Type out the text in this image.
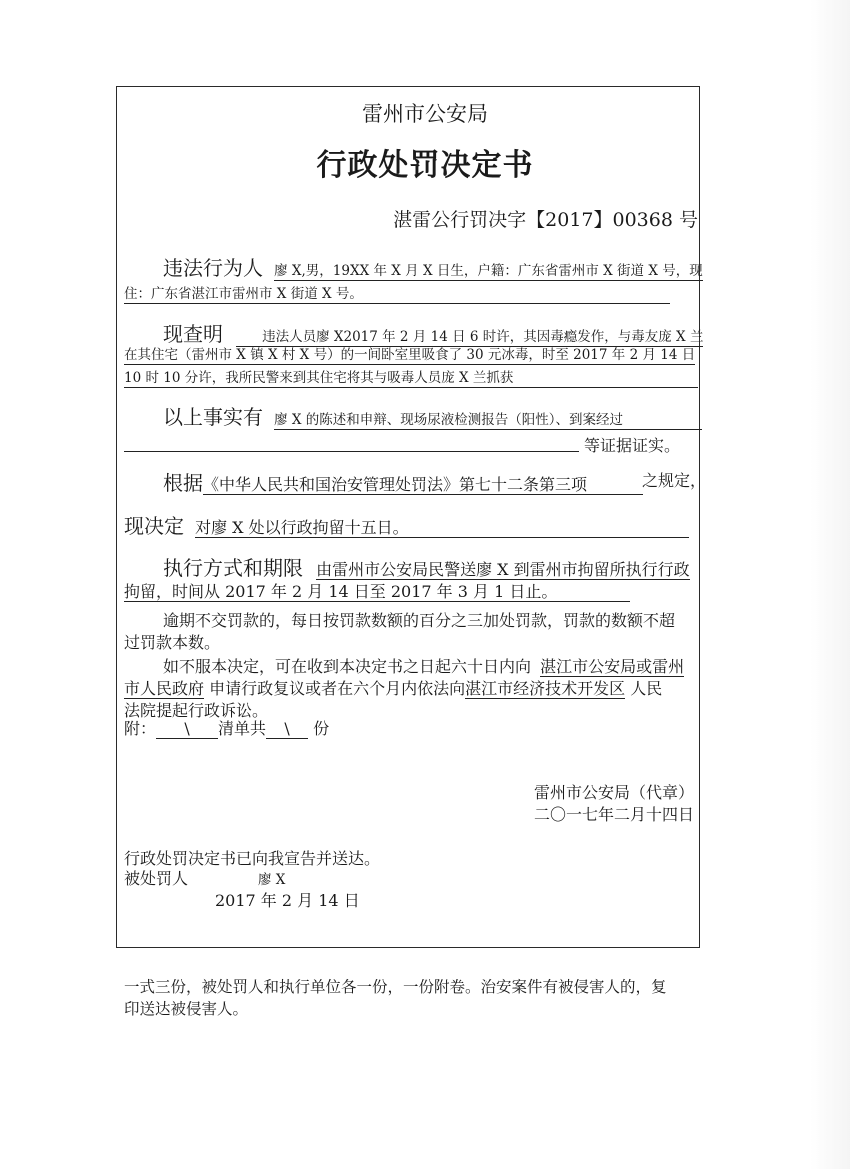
雷州市公安局
行政处罚决定书
湛雷公行罚决字【2017】00368 号
违法行为人 廖 X,男，19XX 年 X 月 X 日生，户籍：广东省雷州市 X 街道 X 号，现
住：广东省湛江市雷州市 X 街道 X 号。
现查明	违法人员廖 X2017 年 2 月 14 日 6 时许，其因毒瘾发作，与毒友庞 X 兰
在其住宅（雷州市 X 镇 X 村 X 号）的一间卧室里吸食了 30 元冰毒，时至 2017 年 2 月 14 日
10 时 10 分许，我所民警来到其住宅将其与吸毒人员庞 X 兰抓获
以上事实有 廖 X 的陈述和申辩、现场尿液检测报告（阳性）、到案经过
等证据证实。
根据《中华人民共和国治安管理处罚法》第七十二条第三项	之规定，
现决定 对廖 X 处以行政拘留十五日。
执行方式和期限 由雷州市公安局民警送廖 X 到雷州市拘留所执行行政
拘留，时间从 2017 年 2 月 14 日至 2017 年 3 月 1 日止。
逾期不交罚款的，每日按罚款数额的百分之三加处罚款，罚款的数额不超
过罚款本数。
如不服本决定，可在收到本决定书之日起六十日内向 湛江市公安局或雷州
市人民政府 申请行政复议或者在六个月内依法向湛江市经济技术开发区 人民
法院提起行政诉讼。
附： \ 清单共 \ 份
雷州市公安局（代章）
二〇一七年二月十四日
行政处罚决定书已向我宣告并送达。
被处罚人	廖 X
2017 年 2 月 14 日
一式三份，被处罚人和执行单位各一份，一份附卷。治安案件有被侵害人的，复
印送达被侵害人。
